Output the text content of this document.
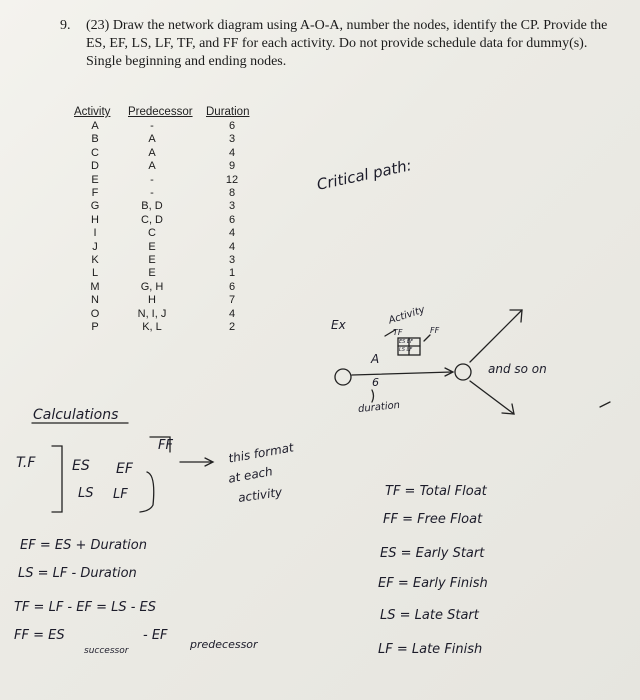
9. (23) Draw the network diagram using A-O-A, number the nodes, identify the CP. Provide the
ES, EF, LS, LF, TF, and FF for each activity. Do not provide schedule data for dummy(s).
Single beginning and ending nodes.
Activity Predecessor Duration
A	-	6
B	A	3
C	A	4
D	A	9
E	-	12
F	-	8
G	B, D	3
H	C, D	6
I	C	4
J	E	4
K	E	3
L	E	1
M	G, H	6
N	H	7
O	N, I, J	4
P	K, L	2
Critical path:
Ex	Activity
TF	FF
ES EF
LS LF
A
6
duration
and so on
Calculations
T.F	ES EF
LS LF
FF	this format
at each
activity
EF = ES + Duration
LS = LF - Duration
TF = LF - EF = LS - ES
FF = ES
successor
- EF
predecessor
TF = Total Float
FF = Free Float
ES = Early Start
EF = Early Finish
LS = Late Start
LF = Late Finish
